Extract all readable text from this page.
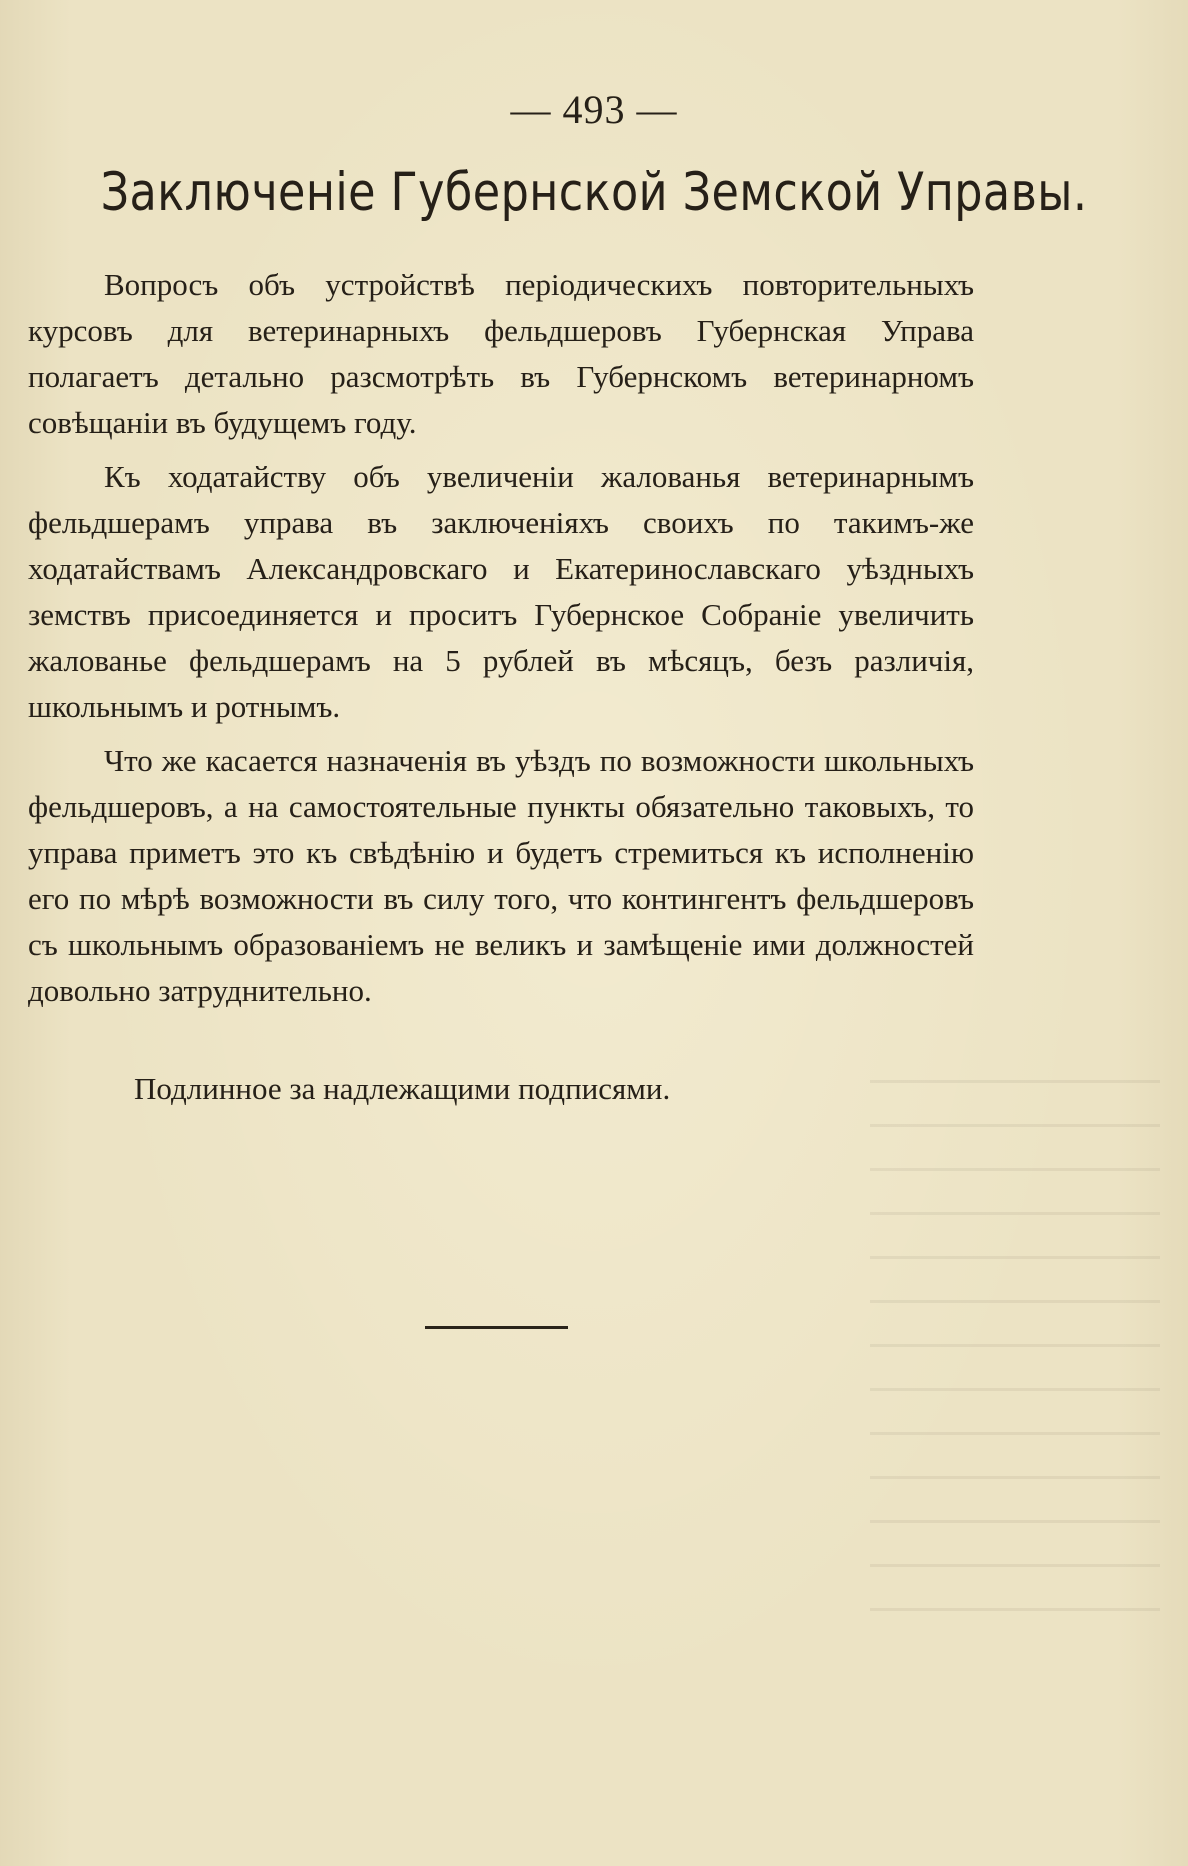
— 493 —
Заключеніе Губернской Земской Управы.

Вопросъ объ устройствѣ періодическихъ повторительныхъ курсовъ для ветеринарныхъ фельдшеровъ Губернская Управа полагаетъ детально разсмотрѣть въ Губернскомъ ветеринарномъ совѣщаніи въ будущемъ году.

Къ ходатайству объ увеличеніи жалованья ветеринарнымъ фельдшерамъ управа въ заключеніяхъ своихъ по такимъ-же ходатайствамъ Александровскаго и Екатеринославскаго уѣздныхъ земствъ присоединяется и проситъ Губернское Собраніе увеличить жалованье фельдшерамъ на 5 рублей въ мѣсяцъ, безъ различія, школьнымъ и ротнымъ.

Что же касается назначенія въ уѣздъ по возможности школьныхъ фельдшеровъ, а на самостоятельные пункты обязательно таковыхъ, то управа приметъ это къ свѣдѣнію и будетъ стремиться къ исполненію его по мѣрѣ возможности въ силу того, что контингентъ фельдшеровъ съ школьнымъ образованіемъ не великъ и замѣщеніе ими должностей довольно затруднительно.

Подлинное за надлежащими подписями.
